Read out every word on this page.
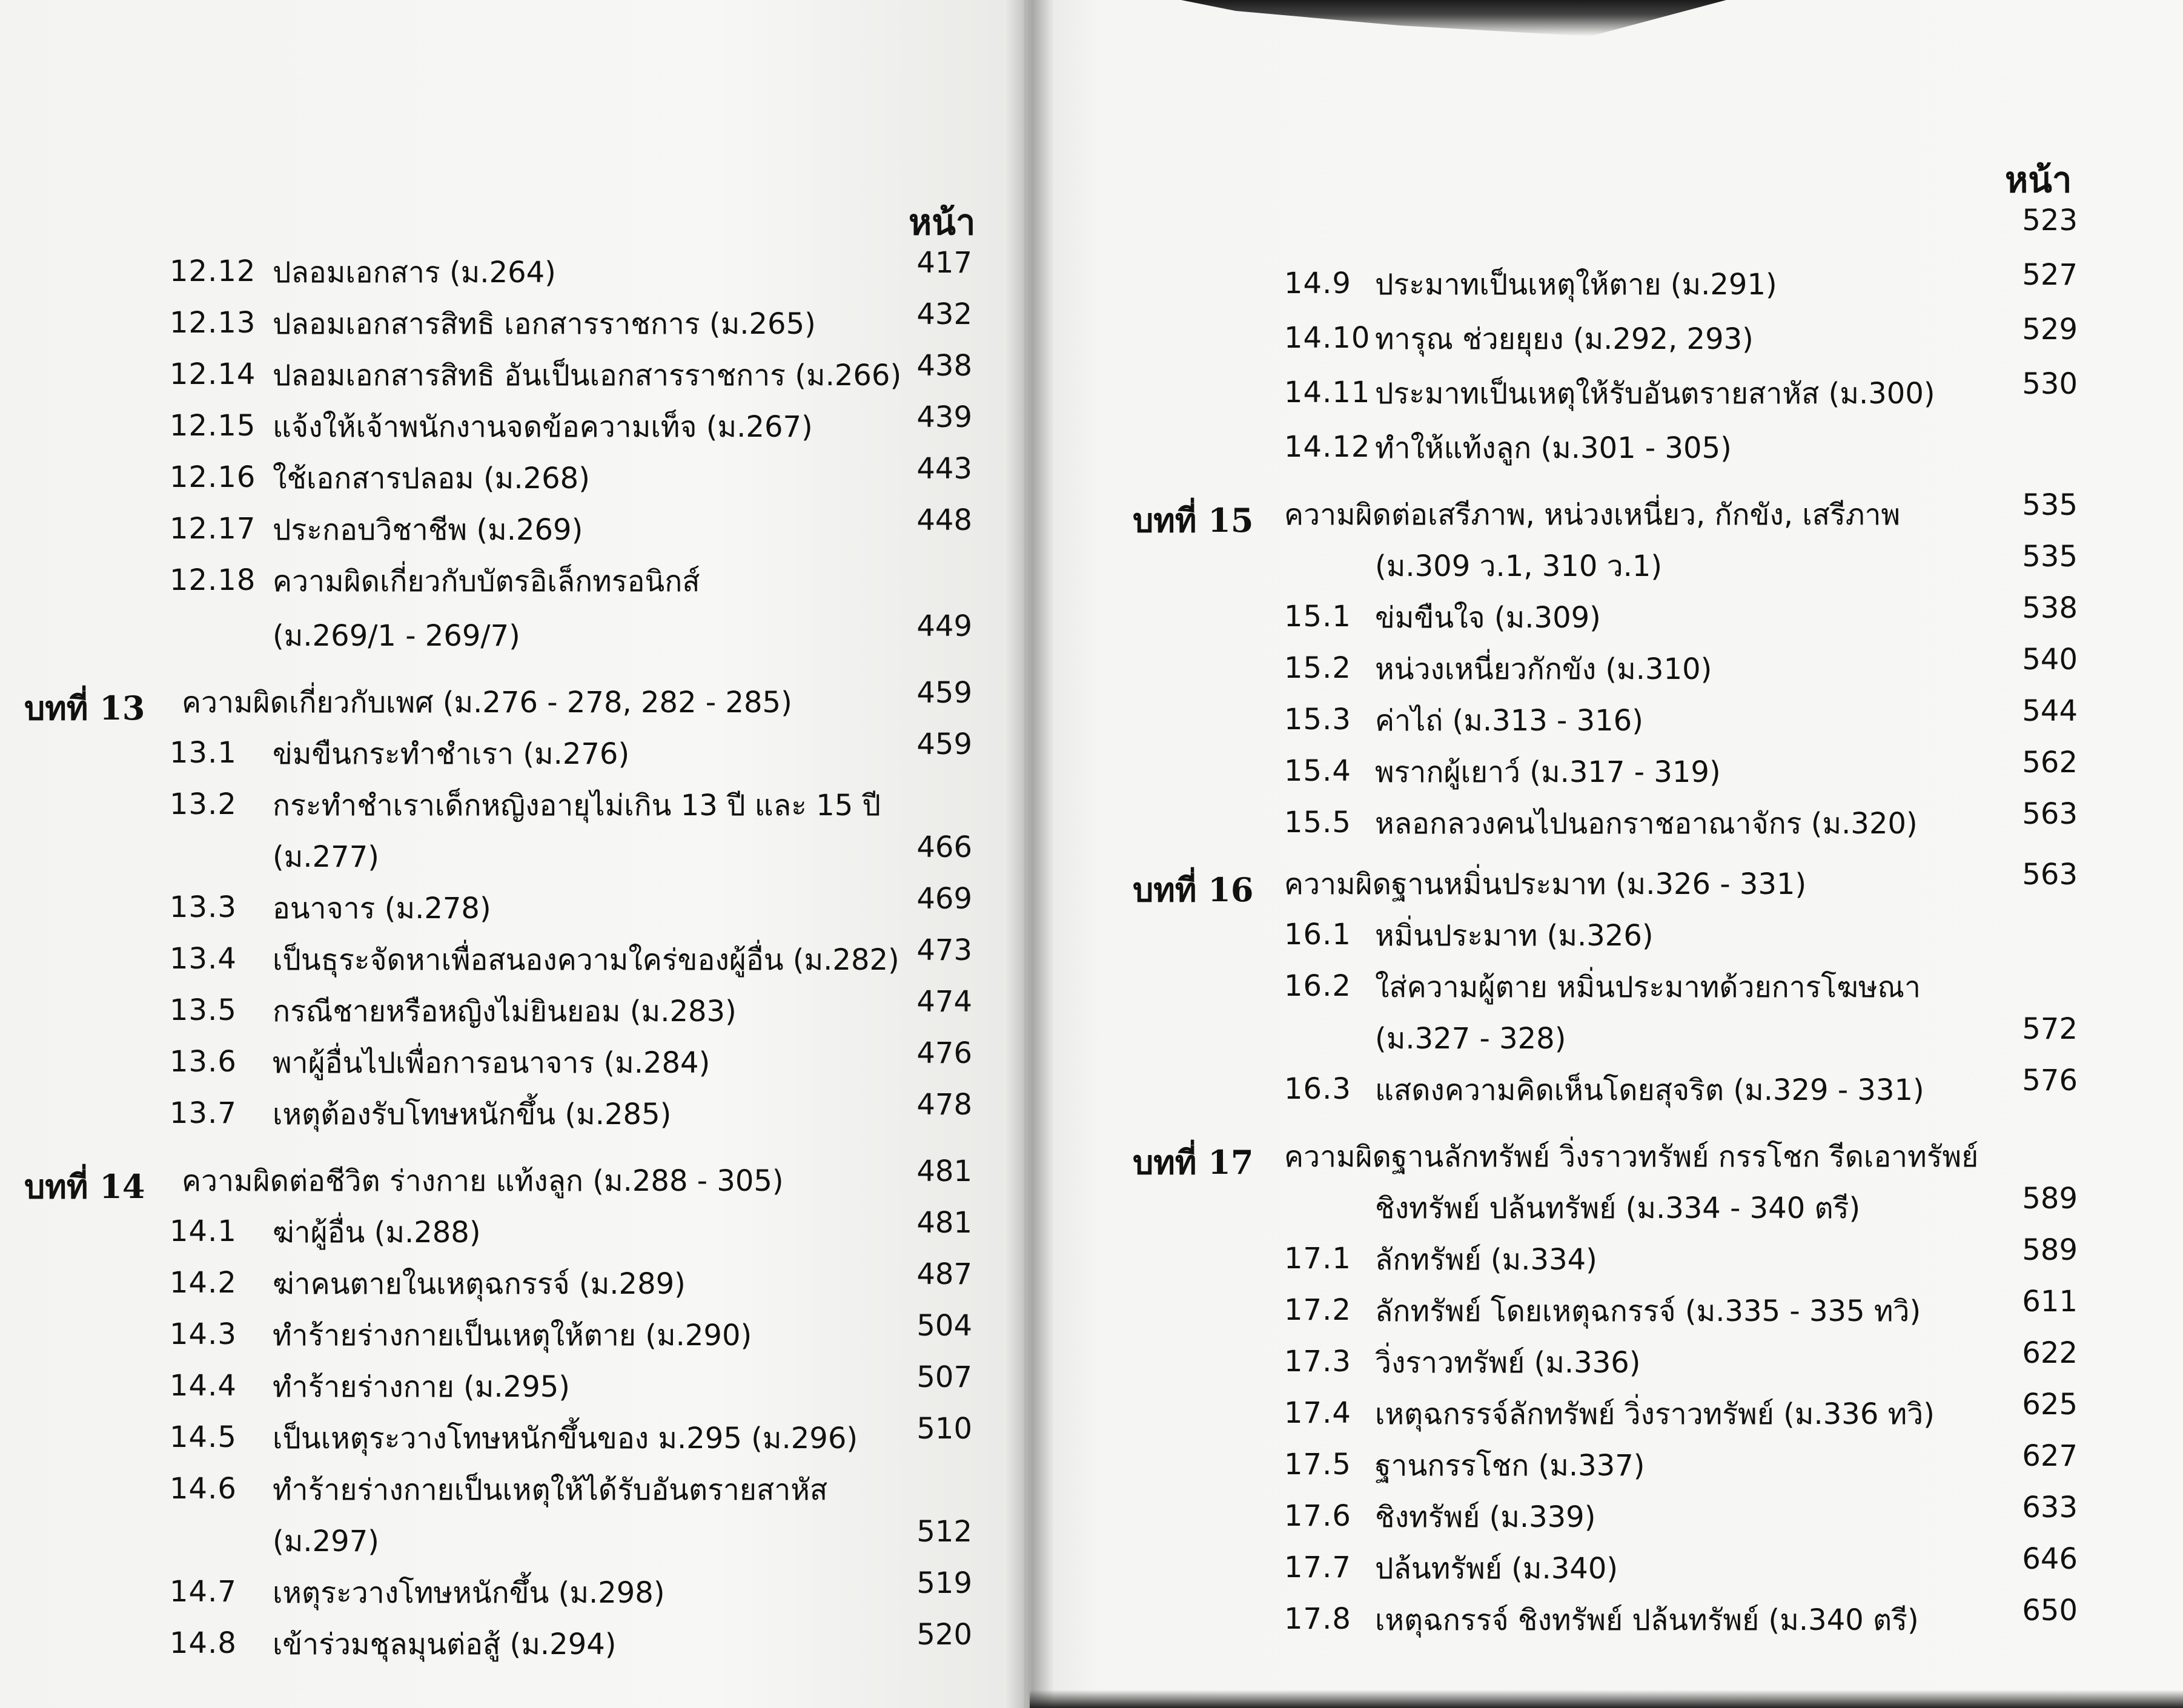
หน้า
12.12 ปลอมเอกสาร (ม.264)	417
12.13 ปลอมเอกสารสิทธิ เอกสารราชการ (ม.265)	432
12.14 ปลอมเอกสารสิทธิ อันเป็นเอกสารราชการ (ม.266) 438
12.15 แจ้งให้เจ้าพนักงานจดข้อความเท็จ (ม.267)	439
12.16 ใช้เอกสารปลอม (ม.268)	443
12.17 ประกอบวิชาชีพ (ม.269)	448
12.18 ความผิดเกี่ยวกับบัตรอิเล็กทรอนิกส์
(ม.269/1 - 269/7)	449
บทที่ 13 ความผิดเกี่ยวกับเพศ (ม.276 - 278, 282 - 285)	459
13.1 ข่มขืนกระทำชำเรา (ม.276)	459
13.2 กระทำชำเราเด็กหญิงอายุไม่เกิน 13 ปี และ 15 ปี
(ม.277)	466
13.3 อนาจาร (ม.278)	469
13.4 เป็นธุระจัดหาเพื่อสนองความใคร่ของผู้อื่น (ม.282) 473
13.5 กรณีชายหรือหญิงไม่ยินยอม (ม.283)	474
13.6 พาผู้อื่นไปเพื่อการอนาจาร (ม.284)	476
13.7 เหตุต้องรับโทษหนักขึ้น (ม.285)	478
บทที่ 14 ความผิดต่อชีวิต ร่างกาย แท้งลูก (ม.288 - 305)	481
14.1 ฆ่าผู้อื่น (ม.288)	481
14.2 ฆ่าคนตายในเหตุฉกรรจ์ (ม.289)	487
14.3 ทำร้ายร่างกายเป็นเหตุให้ตาย (ม.290)	504
14.4 ทำร้ายร่างกาย (ม.295)	507
14.5 เป็นเหตุระวางโทษหนักขึ้นของ ม.295 (ม.296)	510
14.6 ทำร้ายร่างกายเป็นเหตุให้ได้รับอันตรายสาหัส
(ม.297)	512
14.7 เหตุระวางโทษหนักขึ้น (ม.298)	519
14.8 เข้าร่วมชุลมุนต่อสู้ (ม.294)	520
หน้า
523
14.9 ประมาทเป็นเหตุให้ตาย (ม.291)	527
14.10 ทารุณ ช่วยยุยง (ม.292, 293)	529
14.11 ประมาทเป็นเหตุให้รับอันตรายสาหัส (ม.300)	530
14.12 ทำให้แท้งลูก (ม.301 - 305)
บทที่ 15 ความผิดต่อเสรีภาพ, หน่วงเหนี่ยว, กักขัง, เสรีภาพ	535
(ม.309 ว.1, 310 ว.1)	535
15.1 ข่มขืนใจ (ม.309)	538
15.2 หน่วงเหนี่ยวกักขัง (ม.310)	540
15.3 ค่าไถ่ (ม.313 - 316)	544
15.4 พรากผู้เยาว์ (ม.317 - 319)	562
15.5 หลอกลวงคนไปนอกราชอาณาจักร (ม.320)	563
บทที่ 16 ความผิดฐานหมิ่นประมาท (ม.326 - 331)	563
16.1 หมิ่นประมาท (ม.326)
16.2 ใส่ความผู้ตาย หมิ่นประมาทด้วยการโฆษณา
(ม.327 - 328)	572
16.3 แสดงความคิดเห็นโดยสุจริต (ม.329 - 331)	576
บทที่ 17 ความผิดฐานลักทรัพย์ วิ่งราวทรัพย์ กรรโชก รีดเอาทรัพย์
ชิงทรัพย์ ปล้นทรัพย์ (ม.334 - 340 ตรี)	589
17.1 ลักทรัพย์ (ม.334)	589
17.2 ลักทรัพย์ โดยเหตุฉกรรจ์ (ม.335 - 335 ทวิ)	611
17.3 วิ่งราวทรัพย์ (ม.336)	622
17.4 เหตุฉกรรจ์ลักทรัพย์ วิ่งราวทรัพย์ (ม.336 ทวิ)	625
17.5 ฐานกรรโชก (ม.337)	627
17.6 ชิงทรัพย์ (ม.339)	633
17.7 ปล้นทรัพย์ (ม.340)	646
17.8 เหตุฉกรรจ์ ชิงทรัพย์ ปล้นทรัพย์ (ม.340 ตรี)	650
